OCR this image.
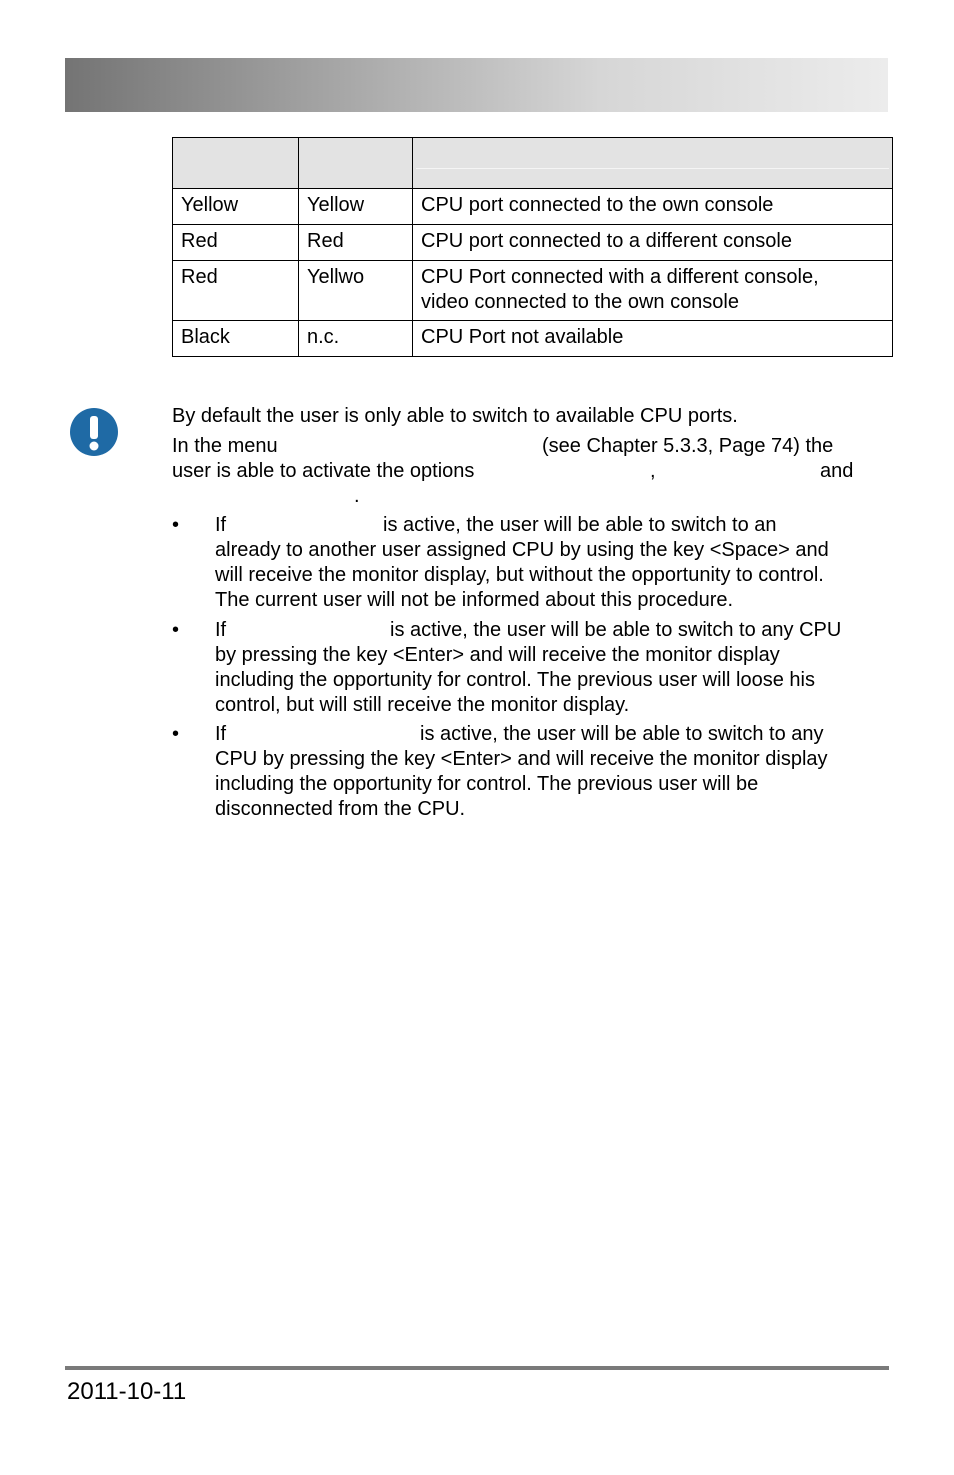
Yellow	Yellow	CPU port connected to the own console
Red	Red	CPU port connected to a different console
Red	Yellwo	CPU Port connected with a different console,
video connected to the own console

Black	n.c.	CPU Port not available
By default the user is only able to switch to available CPU ports.
In the menu	(see Chapter 5.3.3, Page 74) the
user is able to activate the options	,	and
.
• If	is active, the user will be able to switch to an
already to another user assigned CPU by using the key <Space> and
will receive the monitor display, but without the opportunity to control.
The current user will not be informed about this procedure.
• If	is active, the user will be able to switch to any CPU
by pressing the key <Enter> and will receive the monitor display
including the opportunity for control. The previous user will loose his
control, but will still receive the monitor display.
• If	is active, the user will be able to switch to any
CPU by pressing the key <Enter> and will receive the monitor display
including the opportunity for control. The previous user will be
disconnected from the CPU.
2011-10-11
